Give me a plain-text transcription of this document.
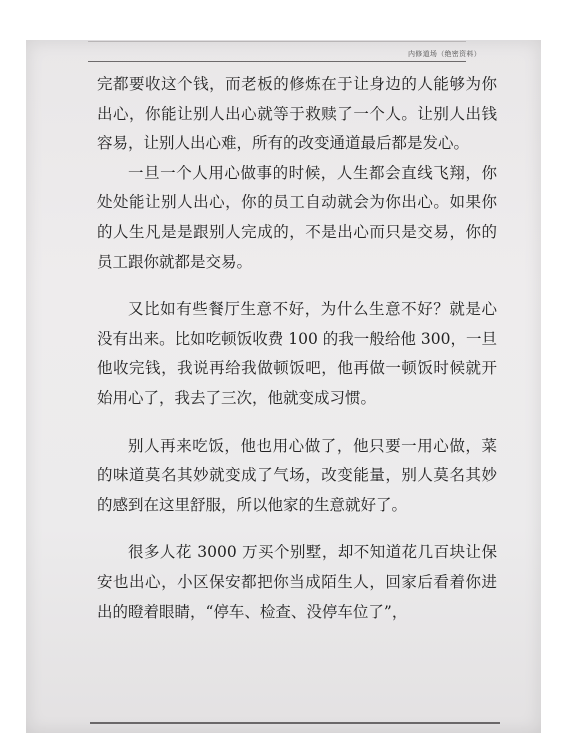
内修道场（绝密资料）

完都要收这个钱，而老板的修炼在于让身边的人能够为你出心，你能让别人出心就等于救赎了一个人。让别人出钱容易，让别人出心难，所有的改变通道最后都是发心。

一旦一个人用心做事的时候，人生都会直线飞翔，你处处能让别人出心，你的员工自动就会为你出心。如果你的人生凡是是跟别人完成的，不是出心而只是交易，你的员工跟你就都是交易。

又比如有些餐厅生意不好，为什么生意不好？就是心没有出来。比如吃顿饭收费 100 的我一般给他 300，一旦他收完钱，我说再给我做顿饭吧，他再做一顿饭时候就开始用心了，我去了三次，他就变成习惯。

别人再来吃饭，他也用心做了，他只要一用心做，菜的味道莫名其妙就变成了气场，改变能量，别人莫名其妙的感到在这里舒服，所以他家的生意就好了。

很多人花 3000 万买个别墅，却不知道花几百块让保安也出心，小区保安都把你当成陌生人，回家后看着你进出的瞪着眼睛，“停车、检查、没停车位了”，
